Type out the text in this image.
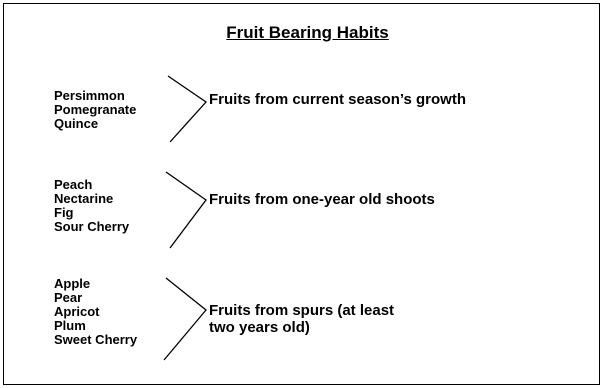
Fruit Bearing Habits
Persimmon
Pomegranate
Quince
Fruits from current season’s growth
Peach
Nectarine
Fig
Sour Cherry
Fruits from one-year old shoots
Apple
Pear
Apricot
Plum
Sweet Cherry
Fruits from spurs (at least
two years old)
